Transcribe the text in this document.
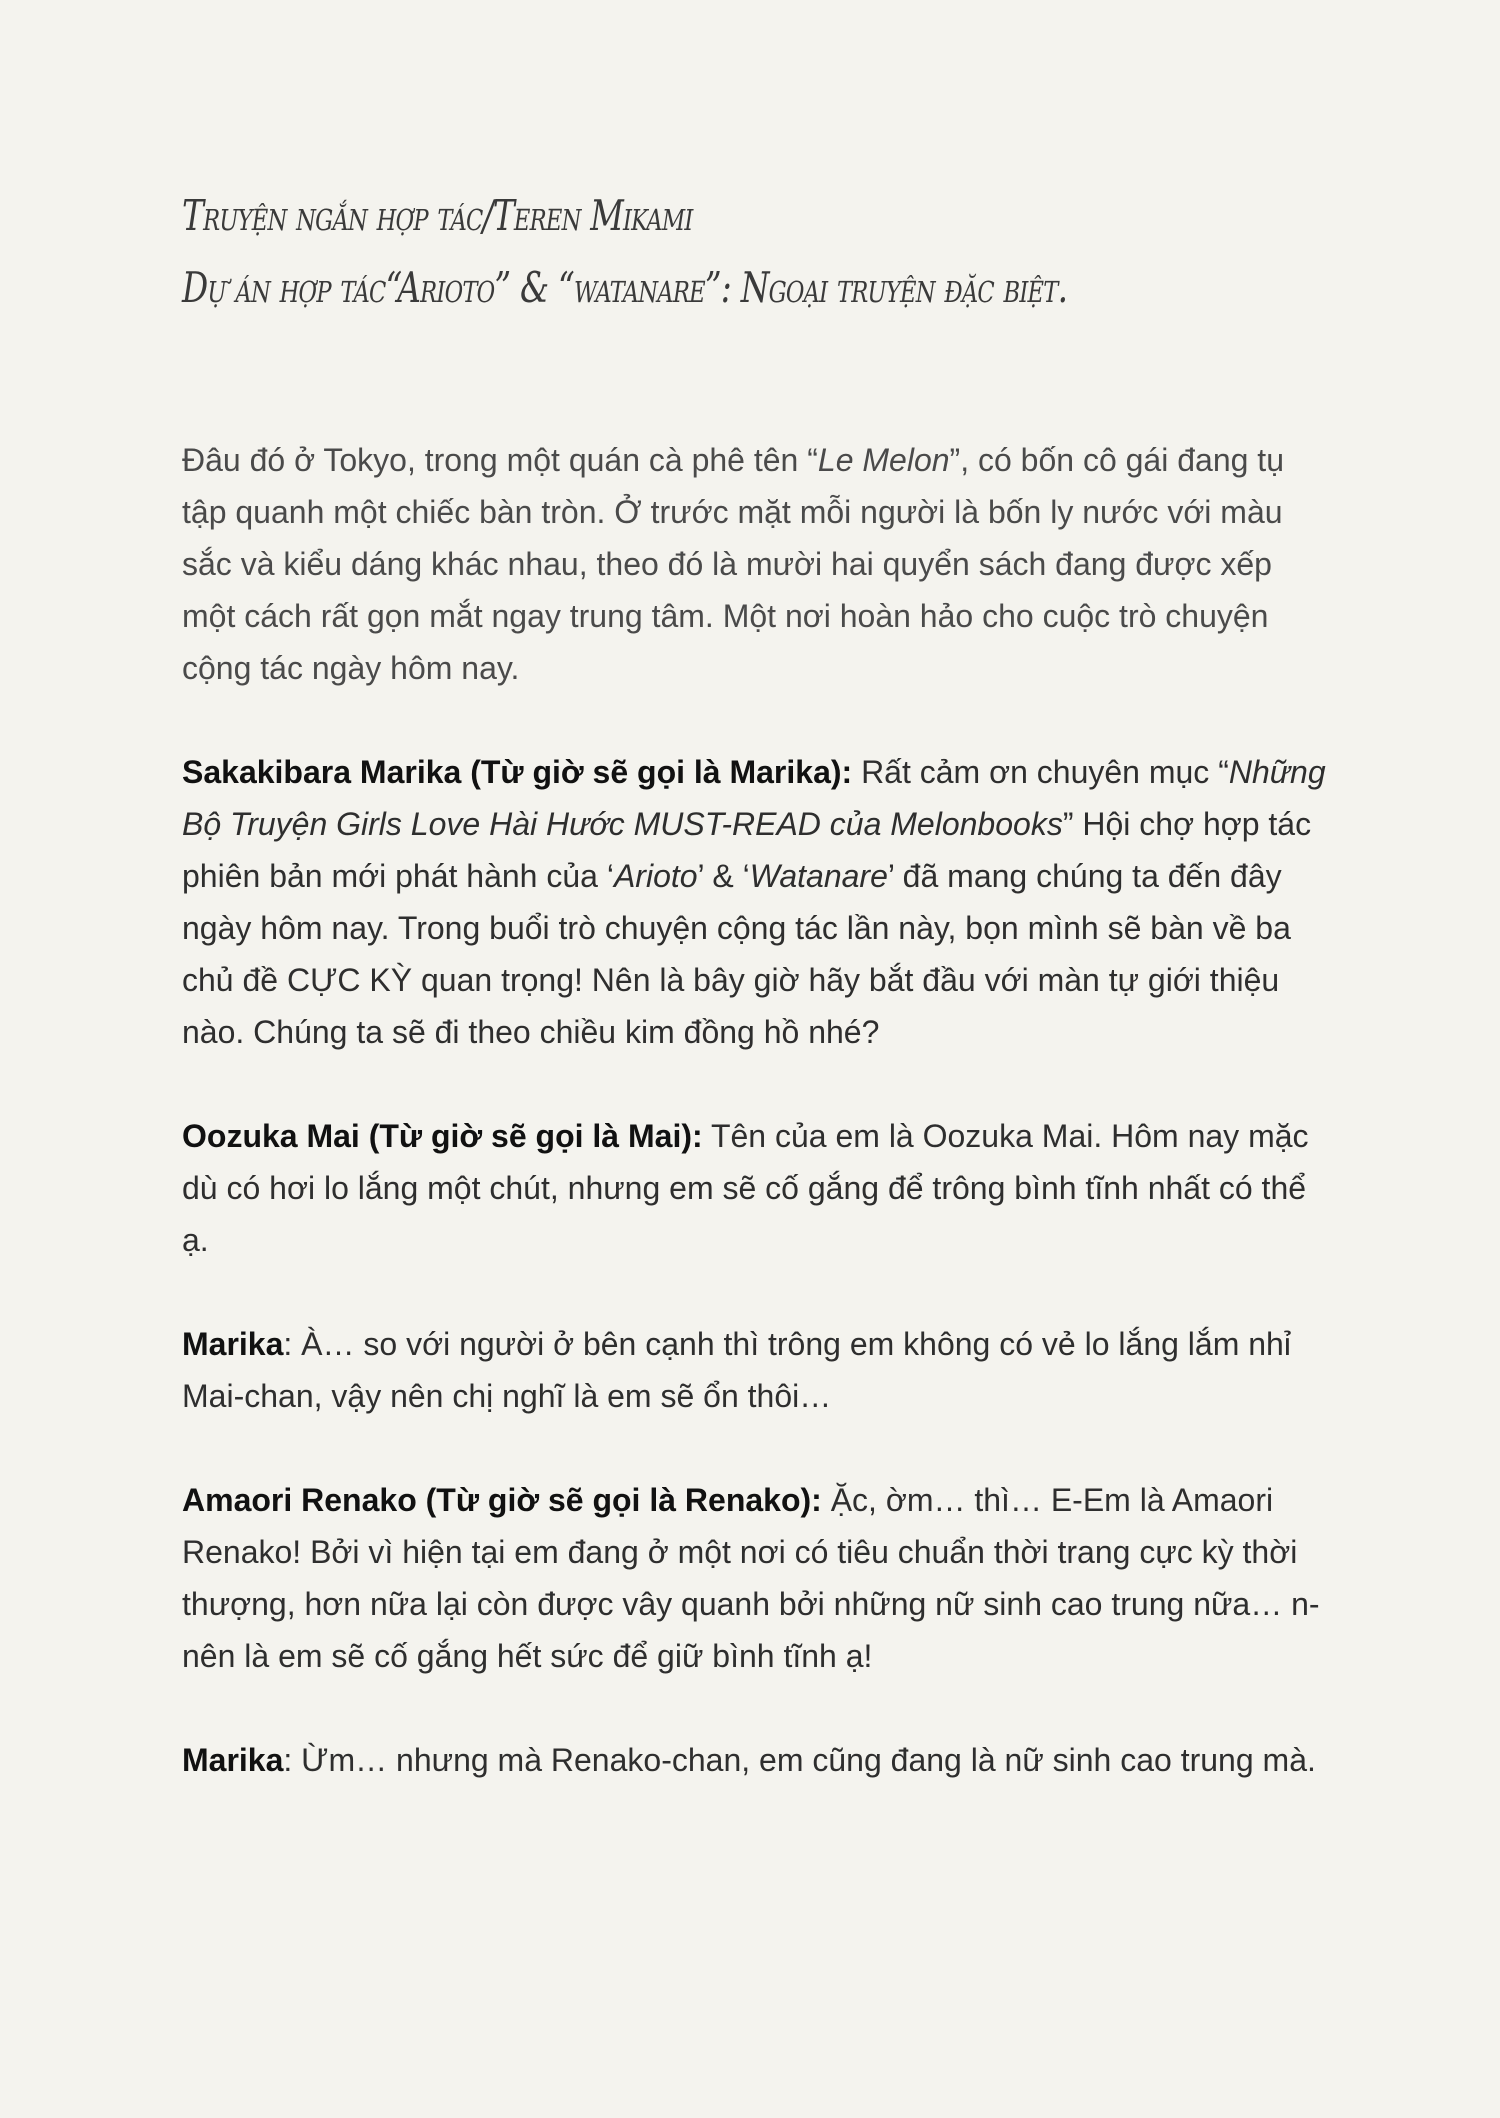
Truyện ngắn hợp tác/Teren Mikami
Dự án hợp tác“Arioto” & “watanare”: Ngoại truyện đặc biệt.

Đâu đó ở Tokyo, trong một quán cà phê tên “Le Melon”, có bốn cô gái đang tụ tập quanh một chiếc bàn tròn. Ở trước mặt mỗi người là bốn ly nước với màu sắc và kiểu dáng khác nhau, theo đó là mười hai quyển sách đang được xếp một cách rất gọn mắt ngay trung tâm. Một nơi hoàn hảo cho cuộc trò chuyện cộng tác ngày hôm nay.

Sakakibara Marika (Từ giờ sẽ gọi là Marika): Rất cảm ơn chuyên mục “Những Bộ Truyện Girls Love Hài Hước MUST-READ của Melonbooks” Hội chợ hợp tác phiên bản mới phát hành của ‘Arioto’ & ‘Watanare’ đã mang chúng ta đến đây ngày hôm nay. Trong buổi trò chuyện cộng tác lần này, bọn mình sẽ bàn về ba chủ đề CỰC KỲ quan trọng! Nên là bây giờ hãy bắt đầu với màn tự giới thiệu nào. Chúng ta sẽ đi theo chiều kim đồng hồ nhé?

Oozuka Mai (Từ giờ sẽ gọi là Mai): Tên của em là Oozuka Mai. Hôm nay mặc dù có hơi lo lắng một chút, nhưng em sẽ cố gắng để trông bình tĩnh nhất có thể ạ.

Marika: À… so với người ở bên cạnh thì trông em không có vẻ lo lắng lắm nhỉ Mai-chan, vậy nên chị nghĩ là em sẽ ổn thôi…

Amaori Renako (Từ giờ sẽ gọi là Renako): Ặc, ờm… thì… E-Em là Amaori Renako! Bởi vì hiện tại em đang ở một nơi có tiêu chuẩn thời trang cực kỳ thời thượng, hơn nữa lại còn được vây quanh bởi những nữ sinh cao trung nữa… n-nên là em sẽ cố gắng hết sức để giữ bình tĩnh ạ!

Marika: Ừm… nhưng mà Renako-chan, em cũng đang là nữ sinh cao trung mà.
